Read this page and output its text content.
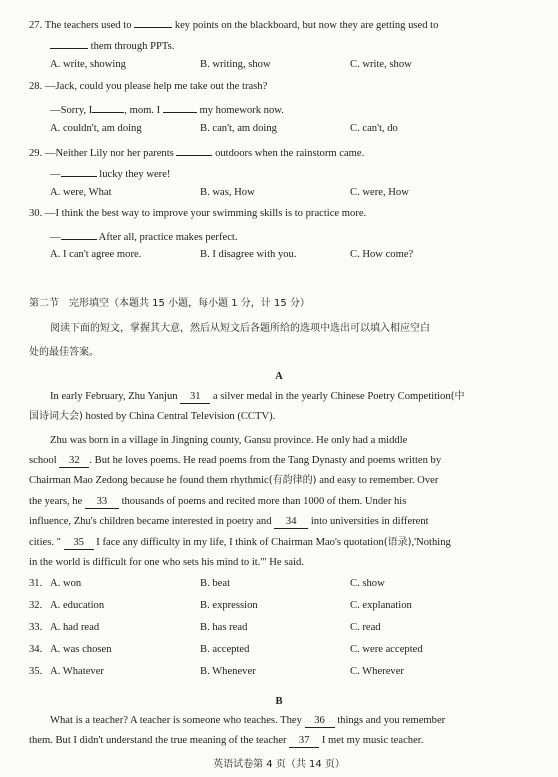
27. The teachers used to	key points on the blackboard, but now they are getting used to
them through PPTs.
A. write, showing	B. writing, show	C. write, show
28. —Jack, could you please help me take out the trash?
—Sorry, I	, mom. I	my homework now.
A. couldn't, am doing	B. can't, am doing	C. can't, do
29. —Neither Lily nor her parents	outdoors when the rainstorm came.
—	lucky they were!
A. were, What	B. was, How	C. were, How
30. —I think the best way to improve your swimming skills is to practice more.
—	After all, practice makes perfect.
A. I can't agree more.	B. I disagree with you.	C. How come?
第二节　完形填空（本题共 15 小题，每小题 1 分，计 15 分）
阅读下面的短文，掌握其大意，然后从短文后各题所给的选项中选出可以填入相应空白
处的最佳答案。
A
In early February, Zhu Yanjun 31 a silver medal in the yearly Chinese Poetry Competition(中
国诗词大会) hosted by China Central Television (CCTV).
Zhu was born in a village in Jingning county, Gansu province. He only had a middle
school 32 . But he loves poems. He read poems from the Tang Dynasty and poems written by
Chairman Mao Zedong because he found them rhythmic(有韵律的) and easy to remember. Over
the years, he 33 thousands of poems and recited more than 1000 of them. Under his
influence, Zhu's children became interested in poetry and 34 into universities in different
cities. " 35 I face any difficulty in my life, I think of Chairman Mao's quotation(语录),'Nothing
in the world is difficult for one who sets his mind to it.'" He said.
31. A. won	B. beat	C. show
32. A. education	B. expression	C. explanation
33. A. had read	B. has read	C. read
34. A. was chosen	B. accepted	C. were accepted
35. A. Whatever	B. Whenever	C. Wherever
B
What is a teacher? A teacher is someone who teaches. They 36 things and you remember
them. But I didn't understand the true meaning of the teacher 37 I met my music teacher.
英语试卷第 4 页（共 14 页）
